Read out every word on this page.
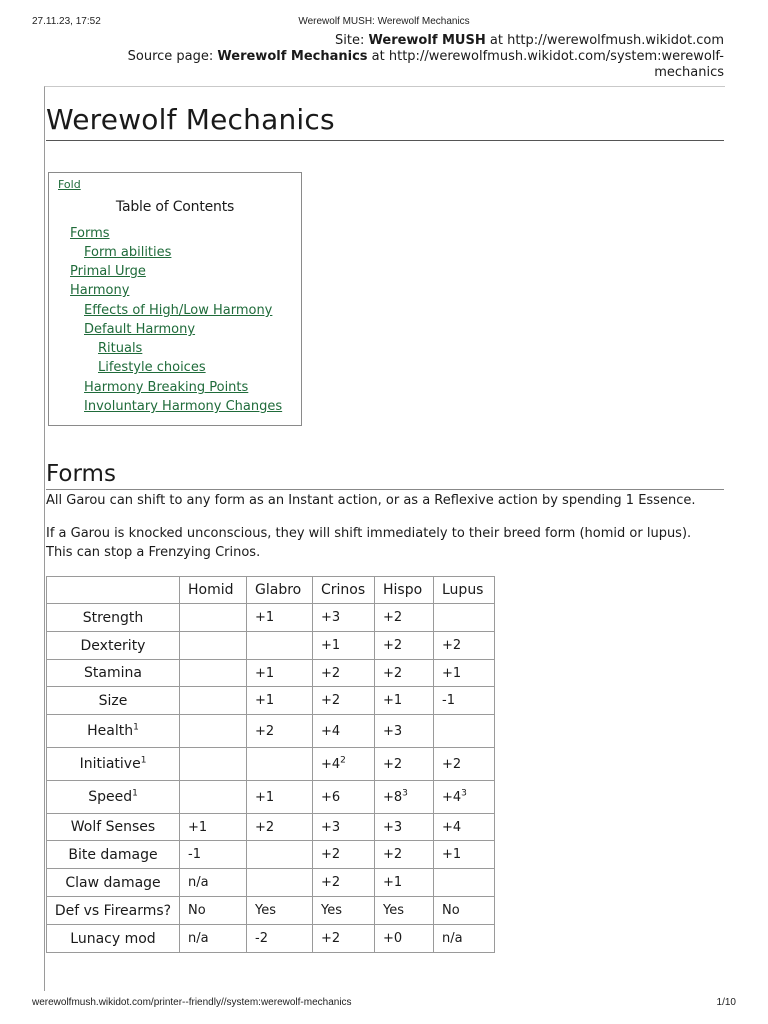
27.11.23, 17:52	Werewolf MUSH: Werewolf Mechanics
Site: Werewolf MUSH at http://werewolfmush.wikidot.com
Source page: Werewolf Mechanics at http://werewolfmush.wikidot.com/system:werewolf-
mechanics
Werewolf Mechanics
Fold
Table of Contents
Forms
Form abilities
Primal Urge
Harmony
Effects of High/Low Harmony
Default Harmony
Rituals
Lifestyle choices
Harmony Breaking Points
Involuntary Harmony Changes
Forms

All Garou can shift to any form as an Instant action, or as a Reflexive action by spending 1 Essence.

If a Garou is knocked unconscious, they will shift immediately to their breed form (homid or lupus).

This can stop a Frenzying Crinos.

	Homid	Glabro	Crinos	Hispo	Lupus
Strength		+1	+3	+2	
Dexterity			+1	+2	+2
Stamina		+1	+2	+2	+1
Size		+1	+2	+1	-1
Health$^1$		+2	+4	+3	
Initiative$^1$			$+4^2$	+2	+2
Speed$^1$		+1	+6	$+8^3$	$+4^3$
Wolf Senses	+1	+2	+3	+3	+4
Bite damage	-1		+2	+2	+1
Claw damage	n/a		+2	+1	
Def vs Firearms?	No	Yes	Yes	Yes	No
Lunacy mod	n/a	-2	+2	+0	n/a
werewolfmush.wikidot.com/printer--friendly//system:werewolf-mechanics	1/10
